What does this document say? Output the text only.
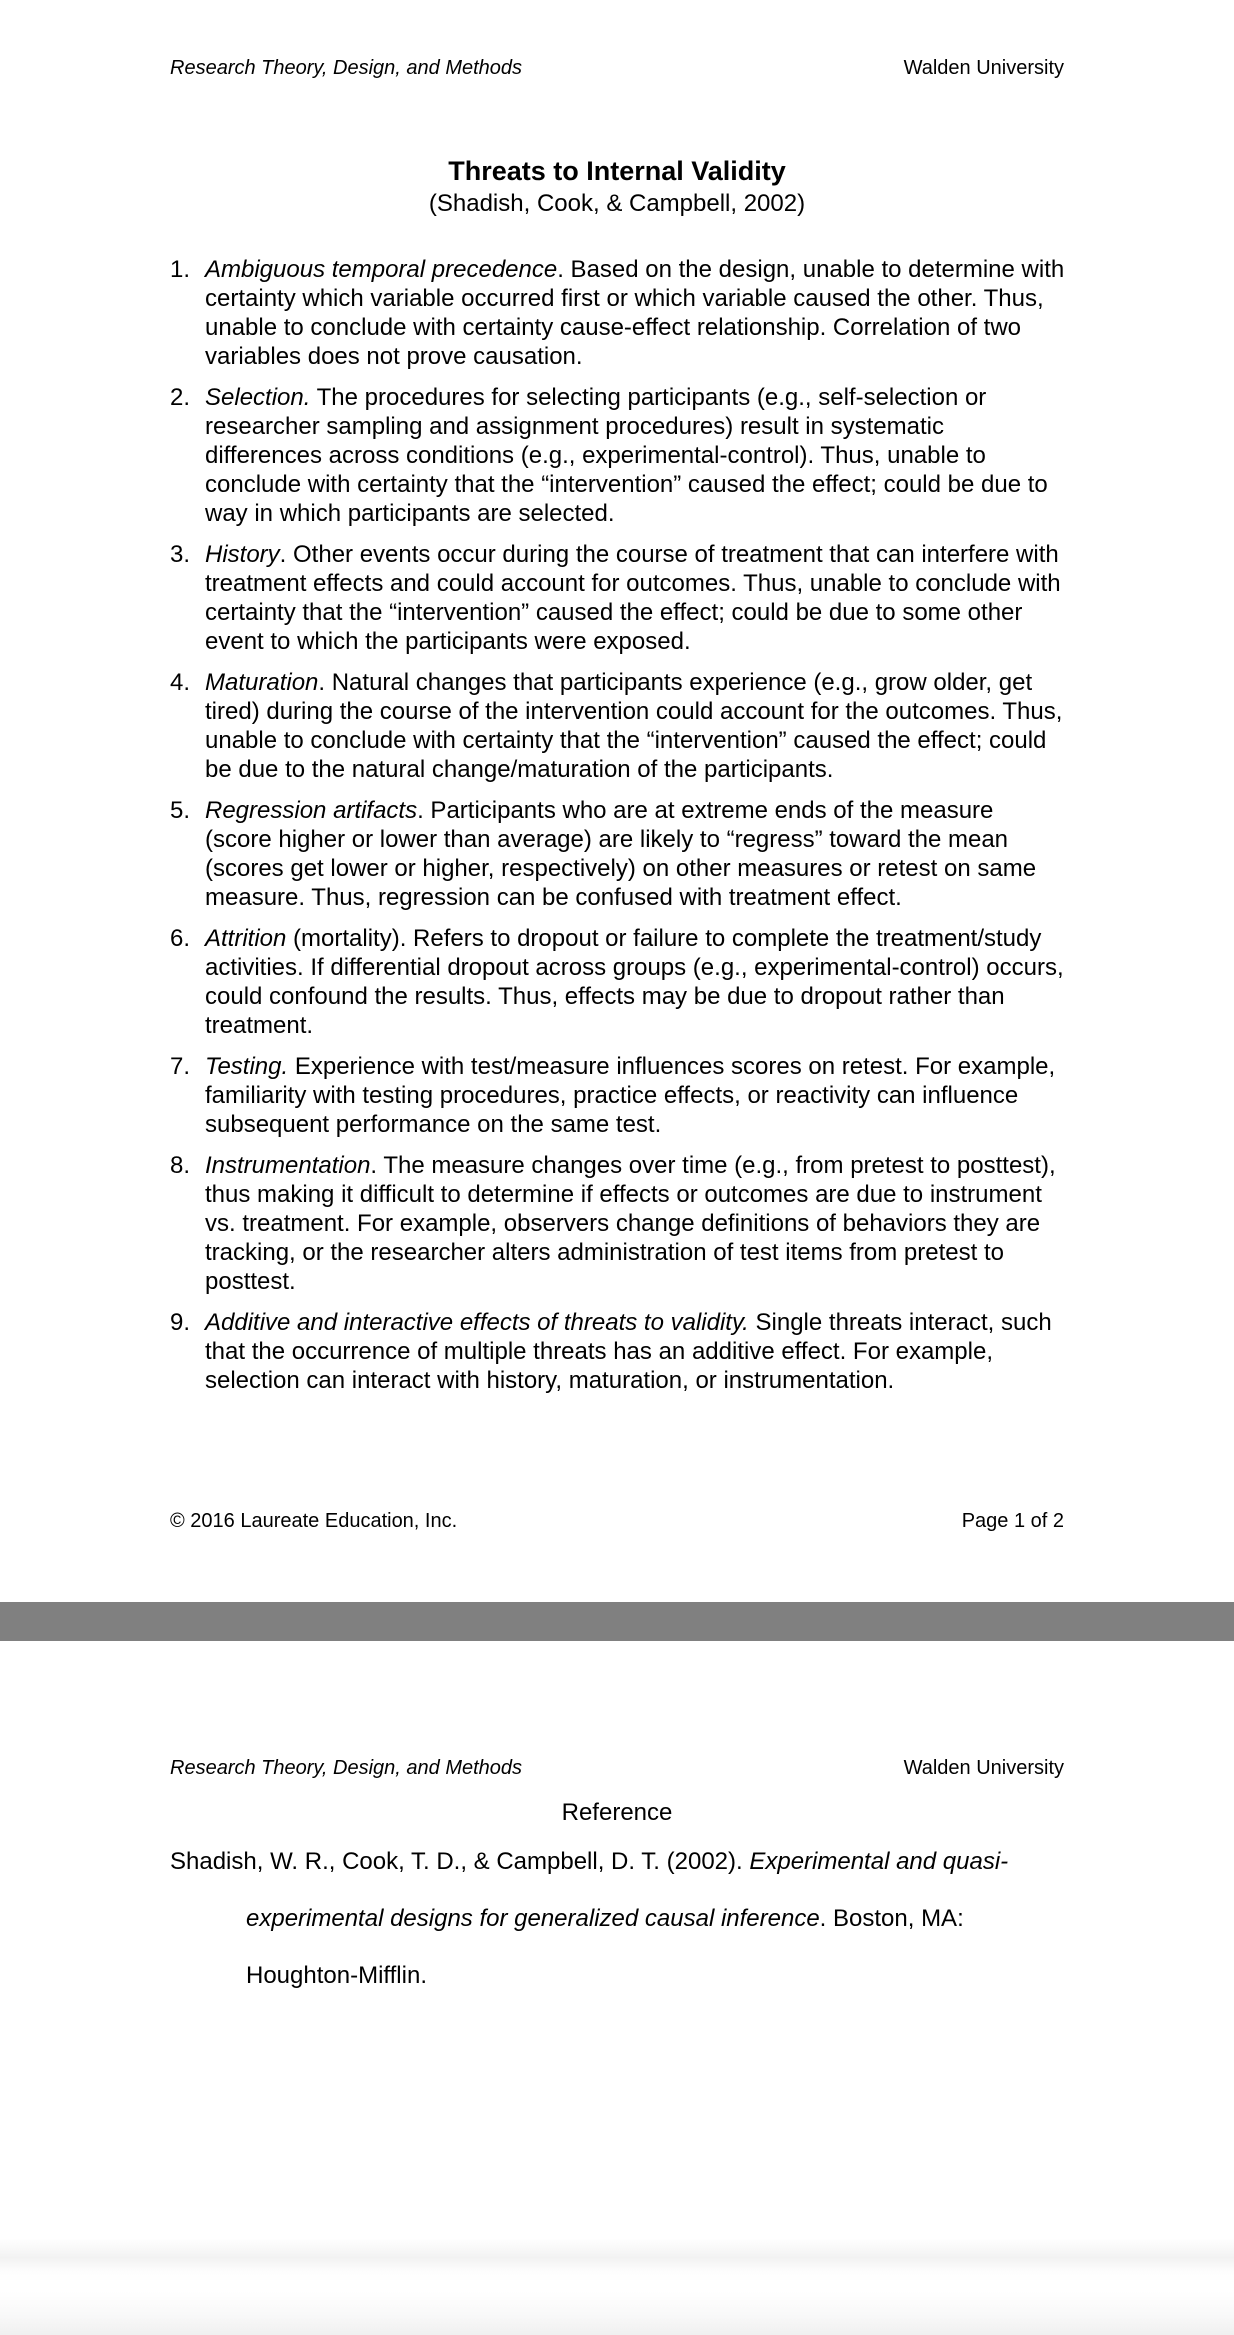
Research Theory, Design, and Methods	Walden University
Threats to Internal Validity
(Shadish, Cook, & Campbell, 2002)
1. Ambiguous temporal precedence. Based on the design, unable to determine with certainty which variable occurred first or which variable caused the other. Thus, unable to conclude with certainty cause-effect relationship. Correlation of two variables does not prove causation.
2. Selection. The procedures for selecting participants (e.g., self-selection or researcher sampling and assignment procedures) result in systematic differences across conditions (e.g., experimental-control). Thus, unable to conclude with certainty that the “intervention” caused the effect; could be due to way in which participants are selected.
3. History. Other events occur during the course of treatment that can interfere with treatment effects and could account for outcomes. Thus, unable to conclude with certainty that the “intervention” caused the effect; could be due to some other event to which the participants were exposed.
4. Maturation. Natural changes that participants experience (e.g., grow older, get tired) during the course of the intervention could account for the outcomes. Thus, unable to conclude with certainty that the “intervention” caused the effect; could be due to the natural change/maturation of the participants.
5. Regression artifacts. Participants who are at extreme ends of the measure (score higher or lower than average) are likely to “regress” toward the mean (scores get lower or higher, respectively) on other measures or retest on same measure. Thus, regression can be confused with treatment effect.
6. Attrition (mortality). Refers to dropout or failure to complete the treatment/study activities. If differential dropout across groups (e.g., experimental-control) occurs, could confound the results. Thus, effects may be due to dropout rather than treatment.
7. Testing. Experience with test/measure influences scores on retest. For example, familiarity with testing procedures, practice effects, or reactivity can influence subsequent performance on the same test.
8. Instrumentation. The measure changes over time (e.g., from pretest to posttest), thus making it difficult to determine if effects or outcomes are due to instrument vs. treatment. For example, observers change definitions of behaviors they are tracking, or the researcher alters administration of test items from pretest to posttest.
9. Additive and interactive effects of threats to validity. Single threats interact, such that the occurrence of multiple threats has an additive effect. For example, selection can interact with history, maturation, or instrumentation.
© 2016 Laureate Education, Inc.	Page 1 of 2
Research Theory, Design, and Methods	Walden University
Reference
Shadish, W. R., Cook, T. D., & Campbell, D. T. (2002). Experimental and quasi-
experimental designs for generalized causal inference. Boston, MA:
Houghton-Mifflin.
